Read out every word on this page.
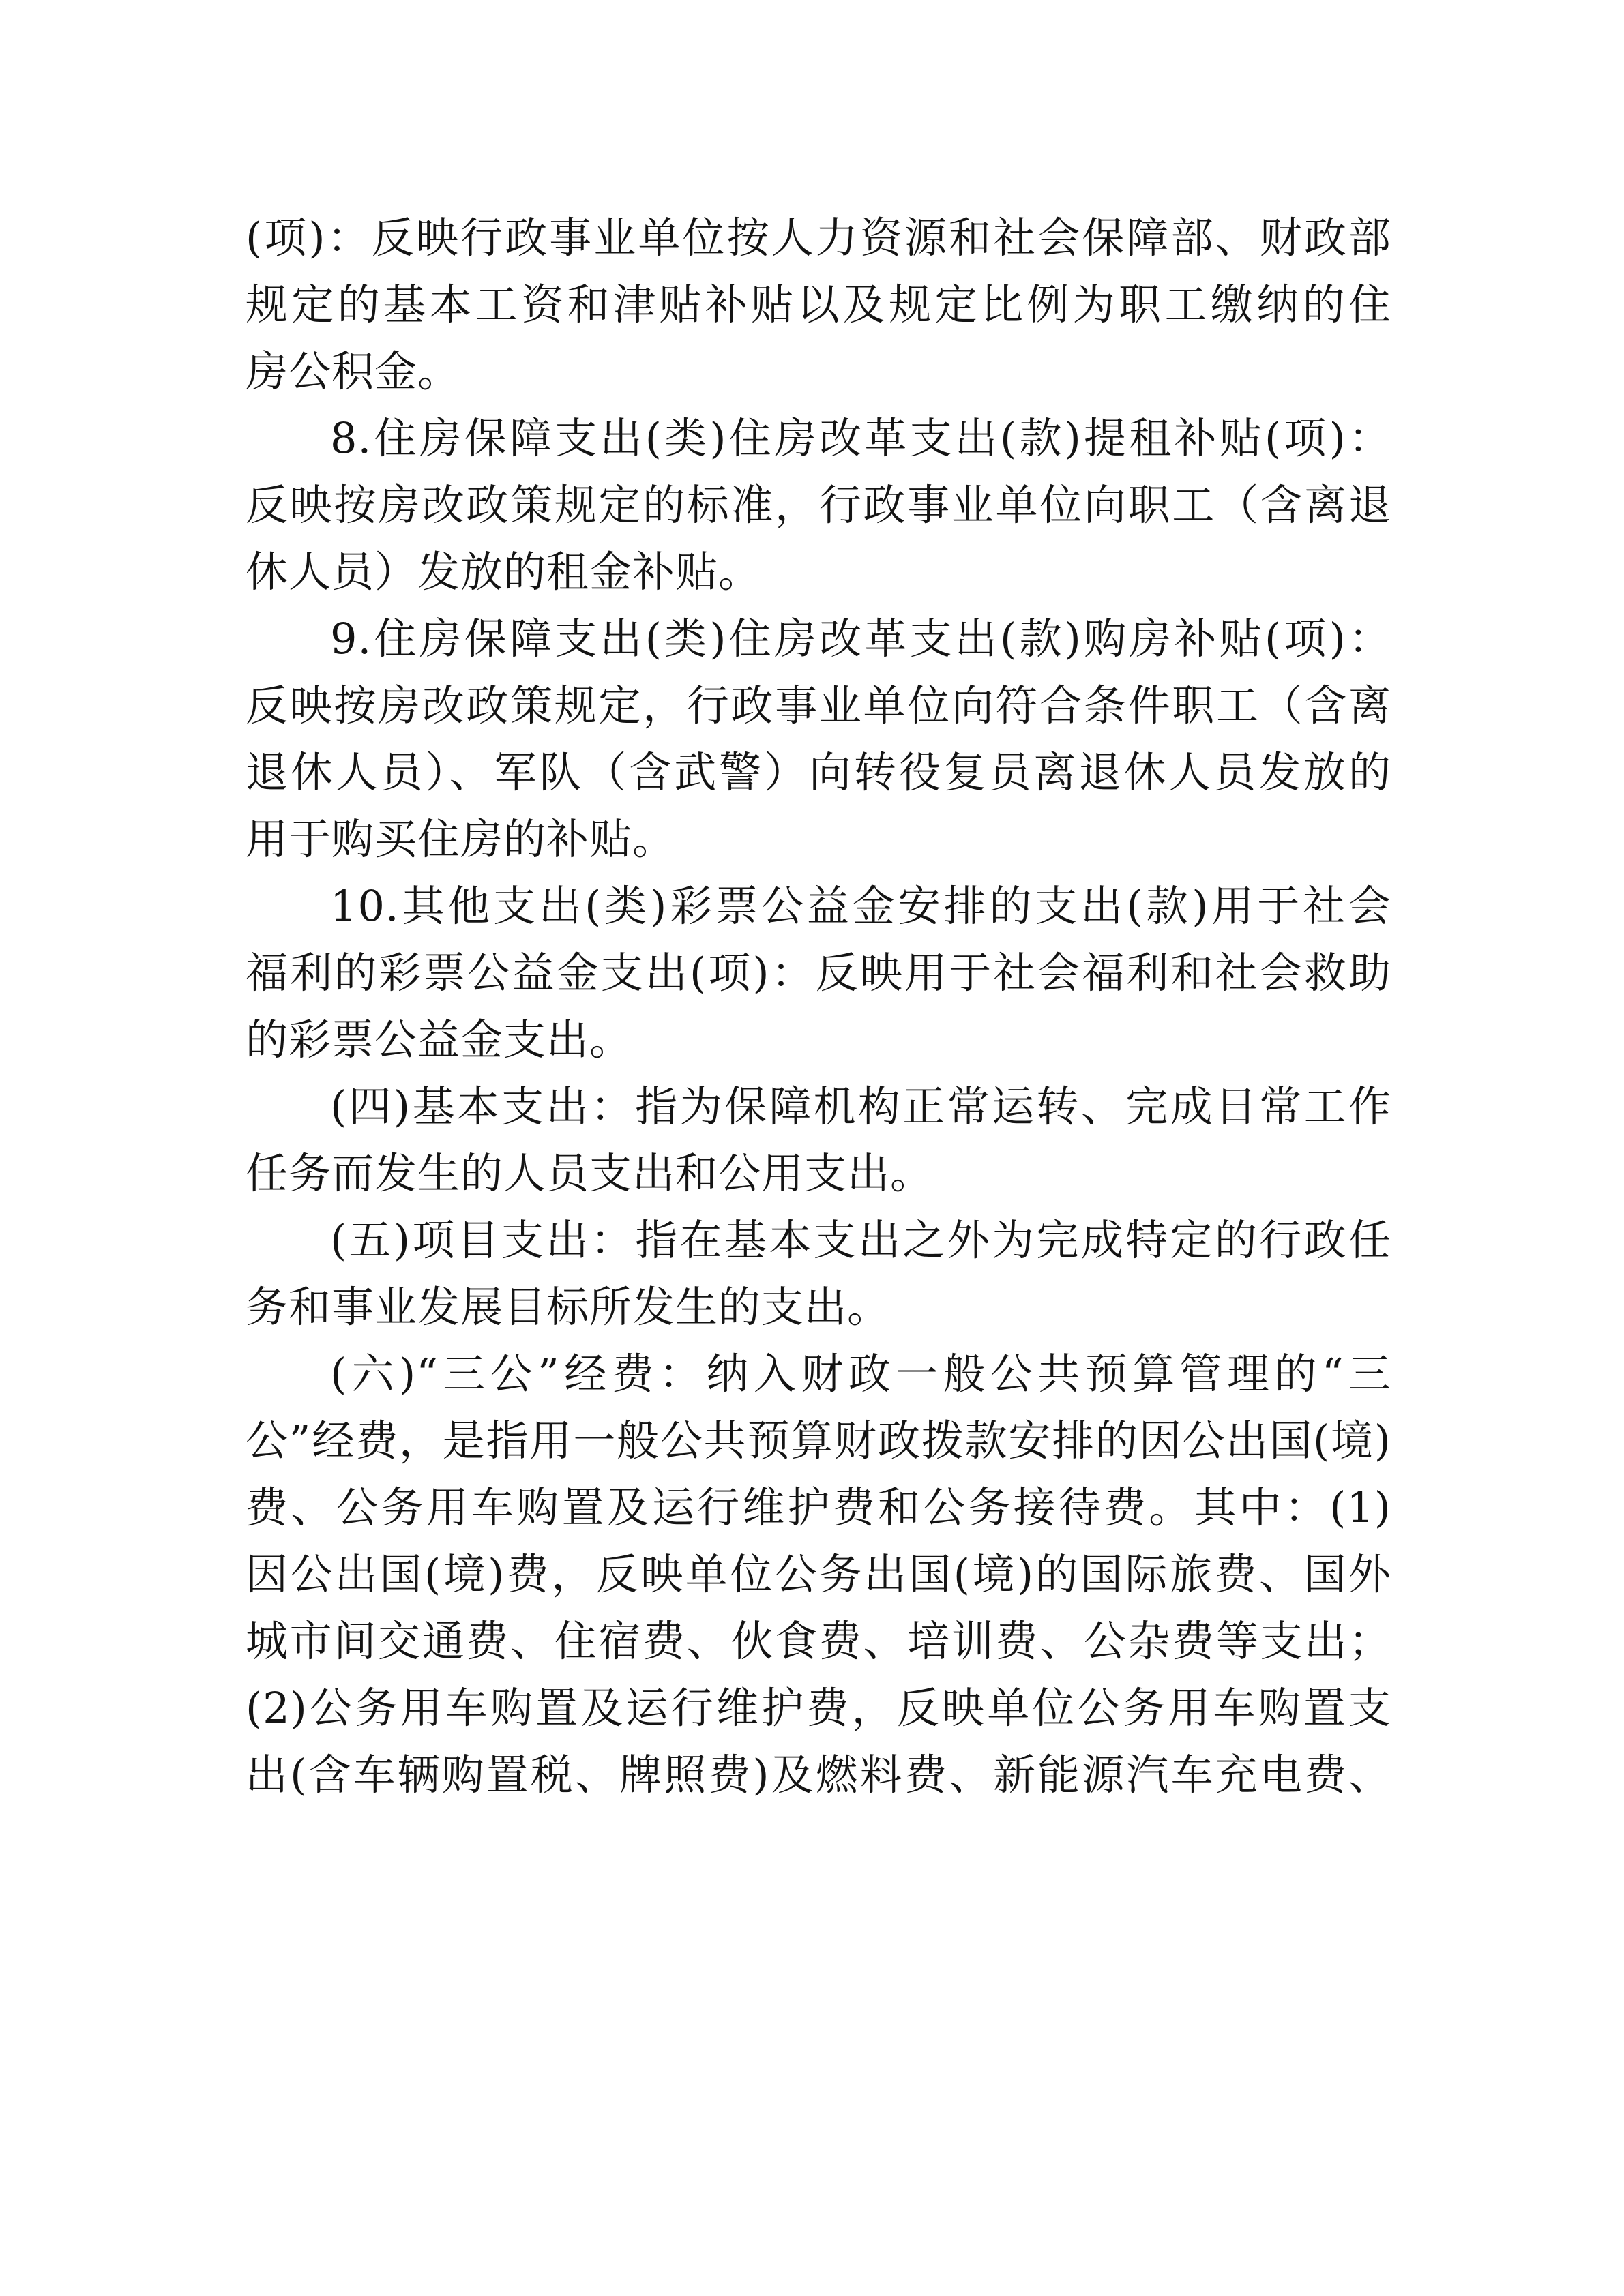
(项)：反映行政事业单位按人力资源和社会保障部、财政部
规定的基本工资和津贴补贴以及规定比例为职工缴纳的住
房公积金。
8.住房保障支出(类)住房改革支出(款)提租补贴(项)：
反映按房改政策规定的标准，行政事业单位向职工（含离退
休人员）发放的租金补贴。
9.住房保障支出(类)住房改革支出(款)购房补贴(项)：
反映按房改政策规定，行政事业单位向符合条件职工（含离
退休人员）、军队（含武警）向转役复员离退休人员发放的
用于购买住房的补贴。
10.其他支出(类)彩票公益金安排的支出(款)用于社会
福利的彩票公益金支出(项)：反映用于社会福利和社会救助
的彩票公益金支出。
(四)基本支出：指为保障机构正常运转、完成日常工作
任务而发生的人员支出和公用支出。
(五)项目支出：指在基本支出之外为完成特定的行政任
务和事业发展目标所发生的支出。
(六)“三公”经费：纳入财政一般公共预算管理的“三
公”经费，是指用一般公共预算财政拨款安排的因公出国(境)
费、公务用车购置及运行维护费和公务接待费。其中：(1)
因公出国(境)费，反映单位公务出国(境)的国际旅费、国外
城市间交通费、住宿费、伙食费、培训费、公杂费等支出；
(2)公务用车购置及运行维护费，反映单位公务用车购置支
出(含车辆购置税、牌照费)及燃料费、新能源汽车充电费、
